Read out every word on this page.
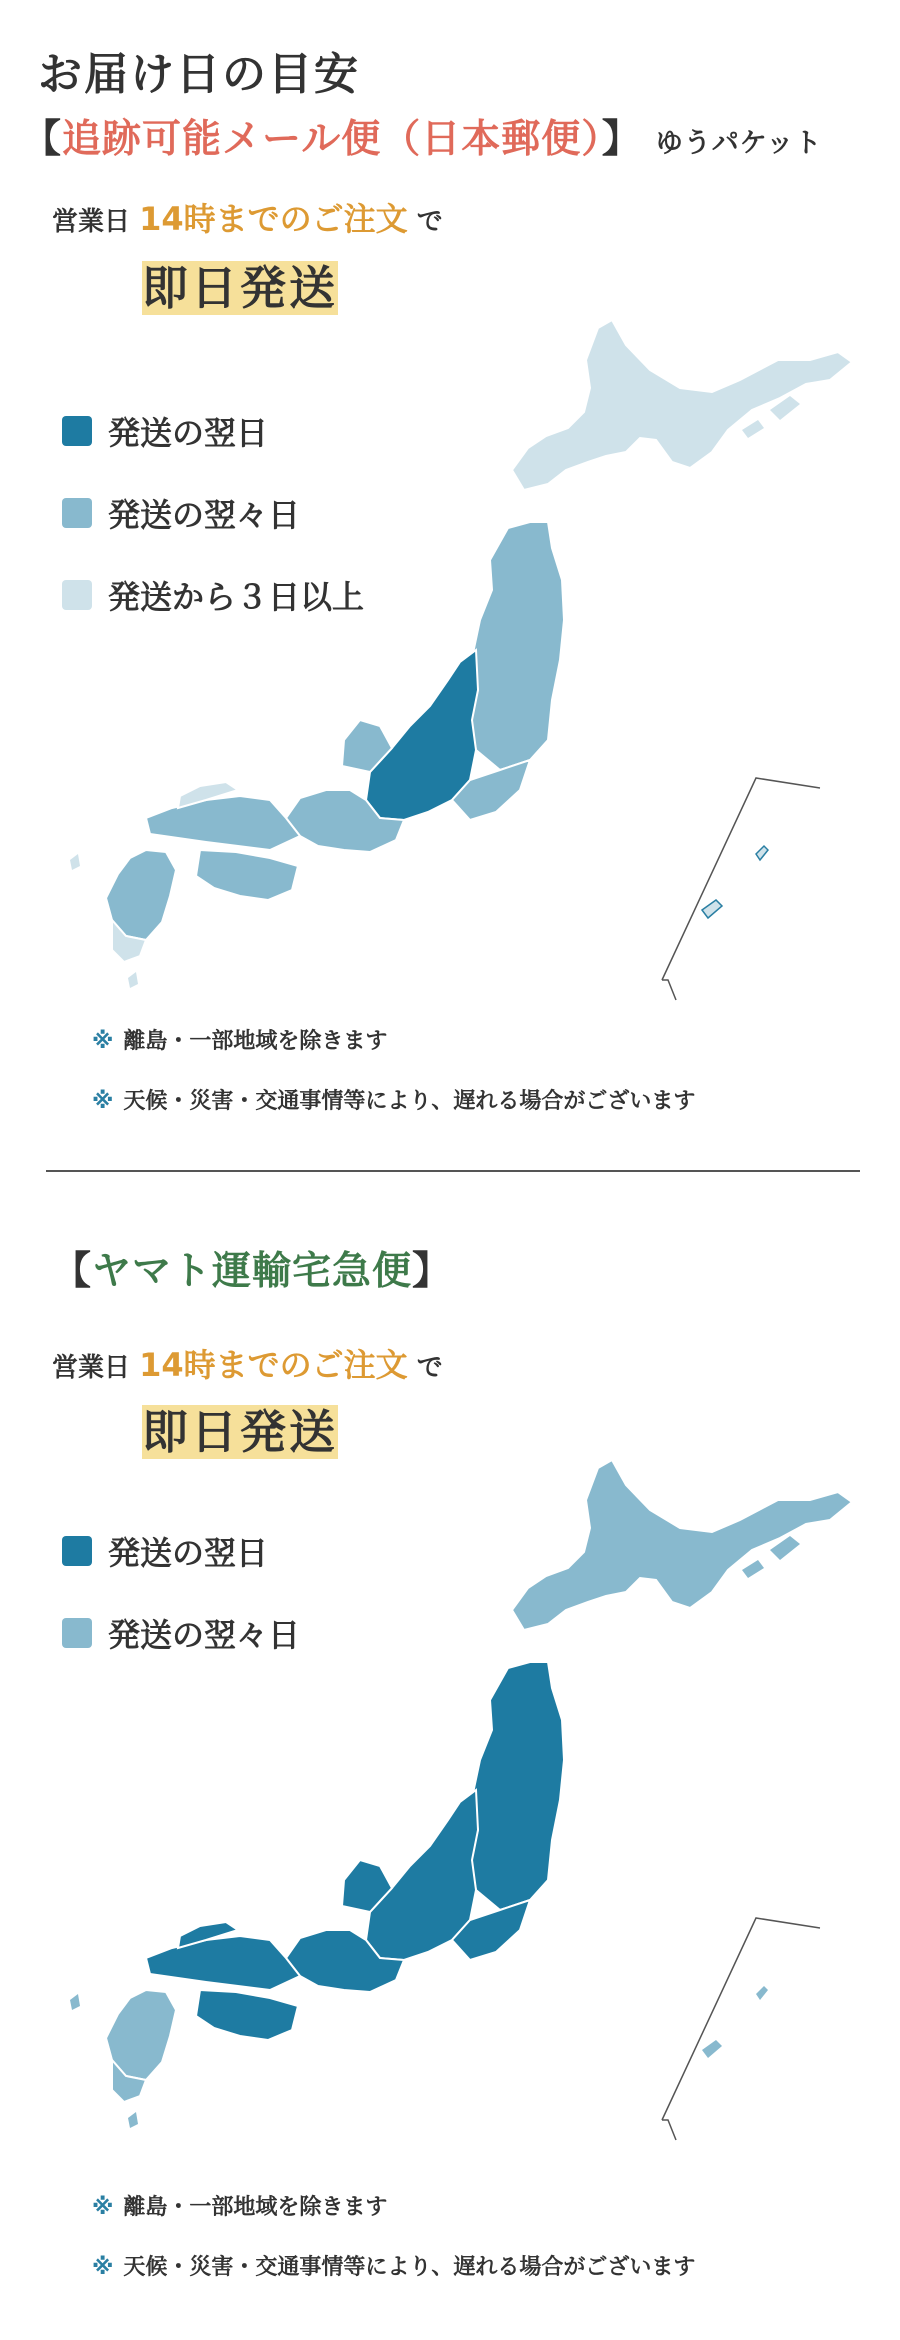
お届け日の目安
【追跡可能メール便（日本郵便）】 ゆうパケット
営業日 14時までのご注文 で
即日発送
発送の翌日
発送の翌々日
発送から３日以上
※ 離島・一部地域を除きます
※ 天候・災害・交通事情等により、遅れる場合がございます
【ヤマト運輸宅急便】
営業日 14時までのご注文 で
即日発送
発送の翌日
発送の翌々日
※ 離島・一部地域を除きます
※ 天候・災害・交通事情等により、遅れる場合がございます
